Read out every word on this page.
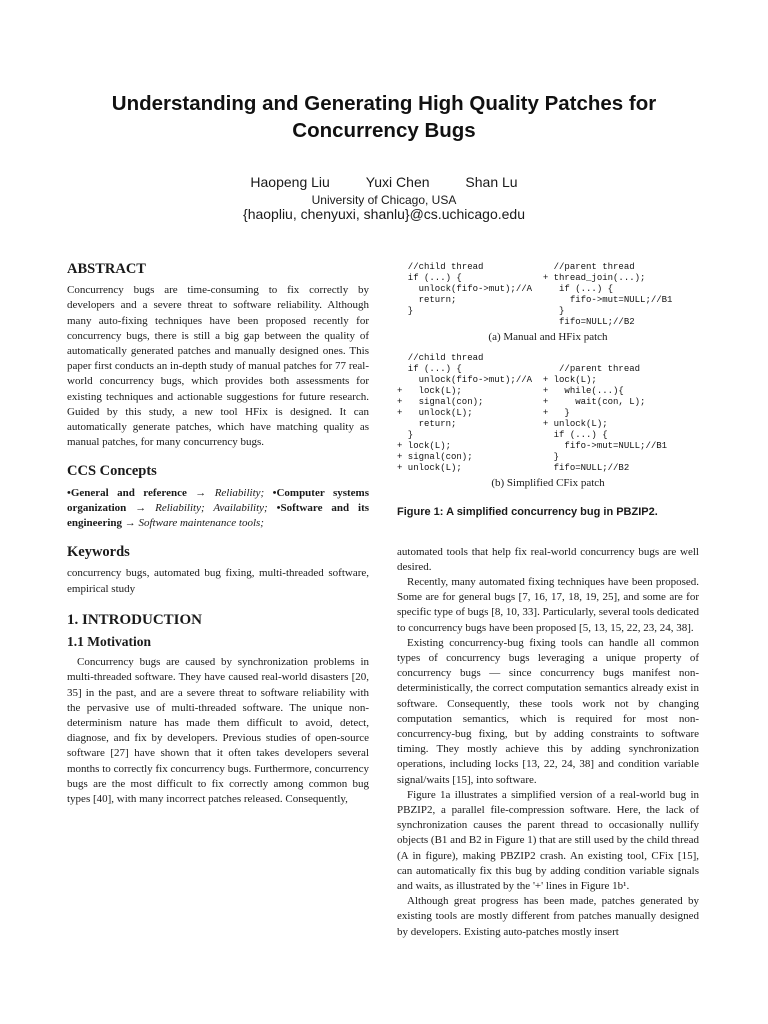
Understanding and Generating High Quality Patches for
Concurrency Bugs
Haopeng Liu	Yuxi Chen	Shan Lu
University of Chicago, USA
{haopliu, chenyuxi, shanlu}@cs.uchicago.edu
ABSTRACT

Concurrency bugs are time-consuming to fix correctly by developers and a severe threat to software reliability. Although many auto-fixing techniques have been proposed recently for concurrency bugs, there is still a big gap between the quality of automatically generated patches and manually designed ones. This paper first conducts an in-depth study of manual patches for 77 real-world concurrency bugs, which provides both assessments for existing techniques and actionable suggestions for future research. Guided by this study, a new tool HFix is designed. It can automatically generate patches, which have matching quality as manual patches, for many concurrency bugs.

CCS Concepts

•General and reference → Reliability; •Computer systems organization → Reliability; Availability; •Software and its engineering → Software maintenance tools;

Keywords

concurrency bugs, automated bug fixing, multi-threaded software, empirical study

1. INTRODUCTION
1.1 Motivation

Concurrency bugs are caused by synchronization problems in multi-threaded software. They have caused real-world disasters [20, 35] in the past, and are a severe threat to software reliability with the pervasive use of multi-threaded software. The unique non-determinism nature has made them difficult to avoid, detect, diagnose, and fix by developers. Previous studies of open-source software [27] have shown that it often takes developers several months to correctly fix concurrency bugs. Furthermore, concurrency bugs are the most difficult to fix correctly among common bug types [40], with many incorrect patches released. Consequently,

//child thread             //parent thread
if (...) {               + thread_join(...);
unlock(fifo->mut);//A     if (...) {
return;                     fifo->mut=NULL;//B1
}                           }
fifo=NULL;//B2
(a) Manual and HFix patch
//child thread
if (...) {                  //parent thread
unlock(fifo->mut);//A  + lock(L);
+   lock(L);               +   while(...){
+   signal(con);           +     wait(con, L);
+   unlock(L);             +   }
return;                + unlock(L);
}                          if (...) {
+ lock(L);                     fifo->mut=NULL;//B1
+ signal(con);               }
+ unlock(L);                 fifo=NULL;//B2
(b) Simplified CFix patch
Figure 1: A simplified concurrency bug in PBZIP2.

automated tools that help fix real-world concurrency bugs are well desired.

Recently, many automated fixing techniques have been proposed. Some are for general bugs [7, 16, 17, 18, 19, 25], and some are for specific type of bugs [8, 10, 33]. Particularly, several tools dedicated to concurrency bugs have been proposed [5, 13, 15, 22, 23, 24, 38].

Existing concurrency-bug fixing tools can handle all common types of concurrency bugs leveraging a unique property of concurrency bugs — since concurrency bugs manifest non-deterministically, the correct computation semantics already exist in software. Consequently, these tools work not by changing computation semantics, which is required for most non-concurrency-bug fixing, but by adding constraints to software timing. They mostly achieve this by adding synchronization operations, including locks [13, 22, 24, 38] and condition variable signal/waits [15], into software.

Figure 1a illustrates a simplified version of a real-world bug in PBZIP2, a parallel file-compression software. Here, the lack of synchronization causes the parent thread to occasionally nullify objects (B1 and B2 in Figure 1) that are still used by the child thread (A in figure), making PBZIP2 crash. An existing tool, CFix [15], can automatically fix this bug by adding condition variable signals and waits, as illustrated by the '+' lines in Figure 1b¹.

Although great progress has been made, patches generated by existing tools are mostly different from patches manually designed by developers. Existing auto-patches mostly insert
